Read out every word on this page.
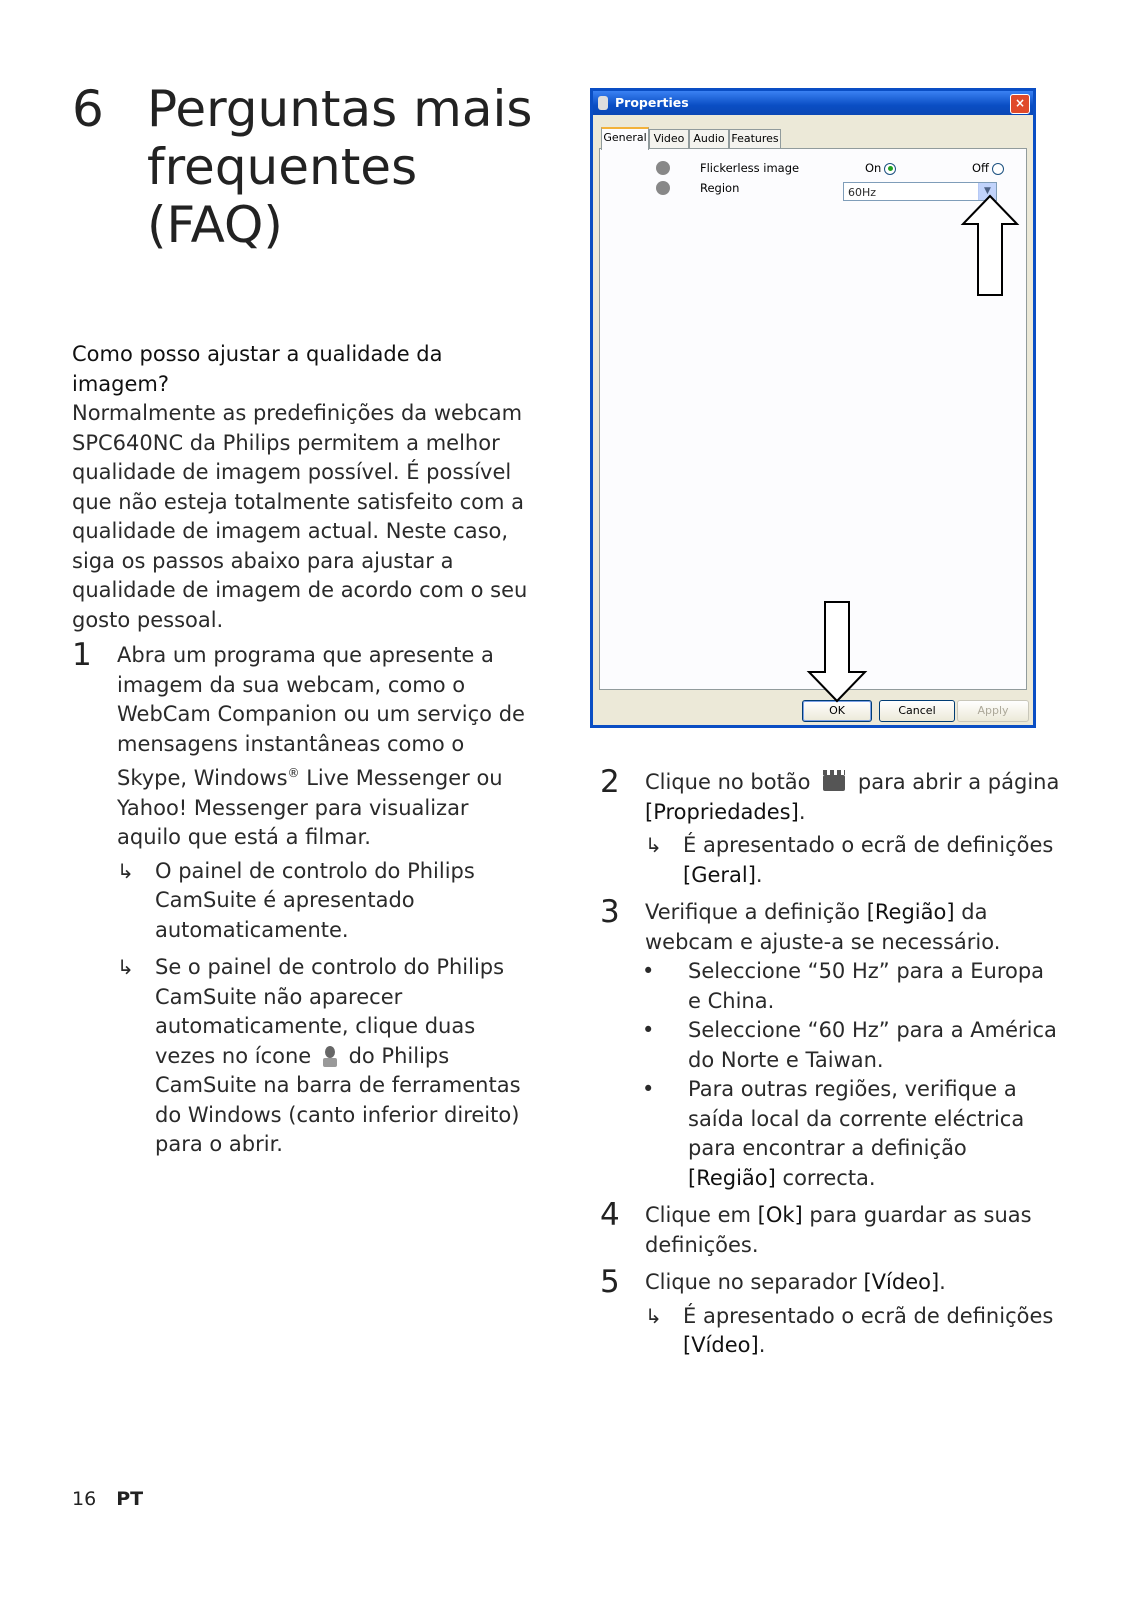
6 Perguntas mais frequentes (FAQ)
Como posso ajustar a qualidade da imagem?

Normalmente as predefinições da webcam SPC640NC da Philips permitem a melhor qualidade de imagem possível. É possível que não esteja totalmente satisfeito com a qualidade de imagem actual. Neste caso, siga os passos abaixo para ajustar a qualidade de imagem de acordo com o seu gosto pessoal.

1 Abra um programa que apresente a imagem da sua webcam, como o WebCam Companion ou um serviço de mensagens instantâneas como o Skype, Windows® Live Messenger ou Yahoo! Messenger para visualizar aquilo que está a filmar.
↳ O painel de controlo do Philips CamSuite é apresentado automaticamente.
↳ Se o painel de controlo do Philips CamSuite não aparecer automaticamente, clique duas vezes no ícone do Philips CamSuite na barra de ferramentas do Windows (canto inferior direito) para o abrir.
Properties	×
General Video Audio Features
Flickerless image	On	Off
Region	60Hz	▼
OK	Cancel	Apply
2 Clique no botão para abrir a página [Propriedades].
↳ É apresentado o ecrã de definições [Geral].
3 Verifique a definição [Região] da webcam e ajuste-a se necessário.
• Seleccione “50 Hz” para a Europa e China.
• Seleccione “60 Hz” para a América do Norte e Taiwan.
• Para outras regiões, verifique a saída local da corrente eléctrica para encontrar a definição [Região] correcta.
4 Clique em [Ok] para guardar as suas definições.
5 Clique no separador [Vídeo].
↳ É apresentado o ecrã de definições [Vídeo].
16 PT
